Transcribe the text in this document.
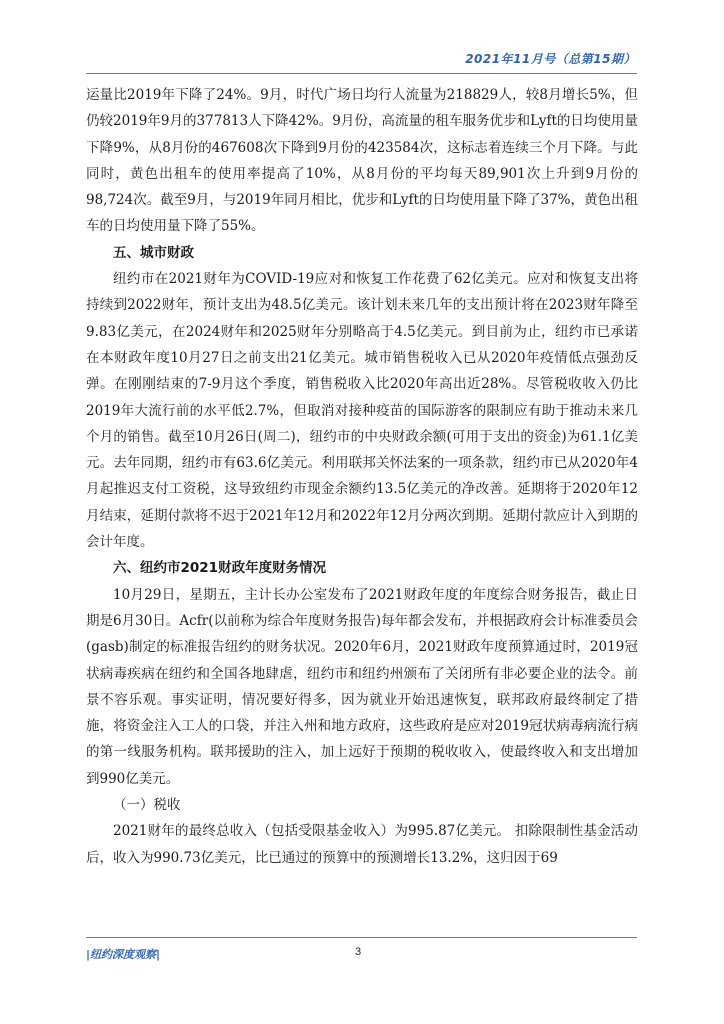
2021年11月号（总第15期）

运量比2019年下降了24%。9月，时代广场日均行人流量为218829人，较8月增长5%，但仍较2019年9月的377813人下降42%。9月份，高流量的租车服务优步和Lyft的日均使用量下降9%，从8月份的467608次下降到9月份的423584次，这标志着连续三个月下降。与此同时，黄色出租车的使用率提高了10%，从8月份的平均每天89,901次上升到9月份的98,724次。截至9月，与2019年同月相比，优步和Lyft的日均使用量下降了37%，黄色出租车的日均使用量下降了55%。

五、城市财政

纽约市在2021财年为COVID-19应对和恢复工作花费了62亿美元。应对和恢复支出将持续到2022财年，预计支出为48.5亿美元。该计划未来几年的支出预计将在2023财年降至9.83亿美元，在2024财年和2025财年分别略高于4.5亿美元。到目前为止，纽约市已承诺在本财政年度10月27日之前支出21亿美元。城市销售税收入已从2020年疫情低点强劲反弹。在刚刚结束的7-9月这个季度，销售税收入比2020年高出近28%。尽管税收收入仍比2019年大流行前的水平低2.7%，但取消对接种疫苗的国际游客的限制应有助于推动未来几个月的销售。截至10月26日(周二)，纽约市的中央财政余额(可用于支出的资金)为61.1亿美元。去年同期，纽约市有63.6亿美元。利用联邦关怀法案的一项条款，纽约市已从2020年4月起推迟支付工资税，这导致纽约市现金余额约13.5亿美元的净改善。延期将于2020年12月结束，延期付款将不迟于2021年12月和2022年12月分两次到期。延期付款应计入到期的会计年度。

六、纽约市2021财政年度财务情况

10月29日，星期五，主计长办公室发布了2021财政年度的年度综合财务报告，截止日期是6月30日。Acfr(以前称为综合年度财务报告)每年都会发布，并根据政府会计标准委员会(gasb)制定的标准报告纽约的财务状况。2020年6月，2021财政年度预算通过时，2019冠状病毒疾病在纽约和全国各地肆虐，纽约市和纽约州颁布了关闭所有非必要企业的法令。前景不容乐观。事实证明，情况要好得多，因为就业开始迅速恢复，联邦政府最终制定了措施，将资金注入工人的口袋，并注入州和地方政府，这些政府是应对2019冠状病毒病流行病的第一线服务机构。联邦援助的注入，加上远好于预期的税收收入，使最终收入和支出增加到990亿美元。

（一）税收

2021财年的最终总收入（包括受限基金收入）为995.87亿美元。 扣除限制性基金活动后，收入为990.73亿美元，比已通过的预算中的预测增长13.2%，这归因于69

|纽约深度观察|	3
